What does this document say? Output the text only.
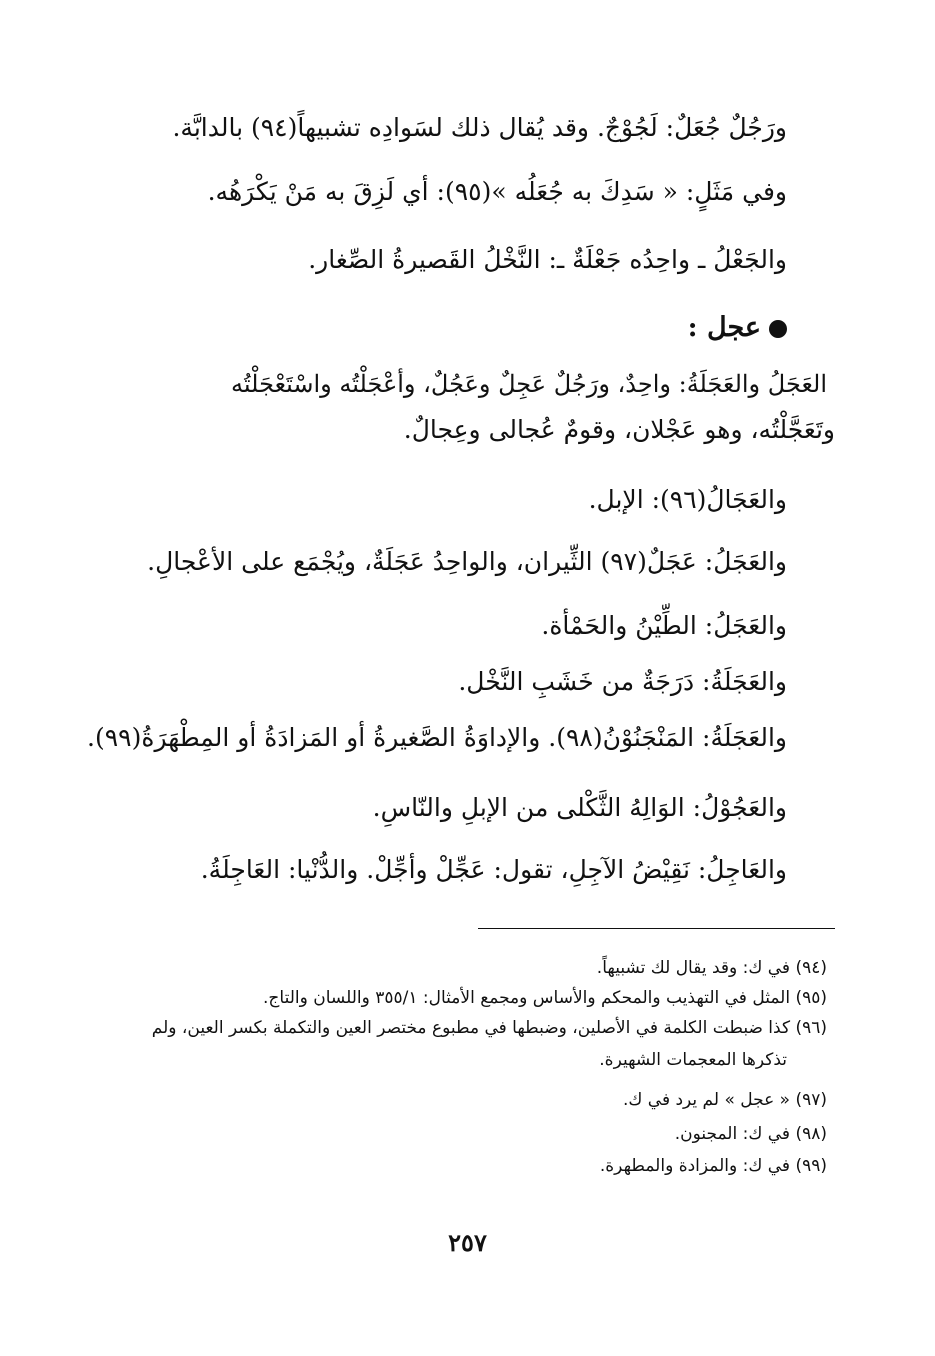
ورَجُلٌ جُعَلٌ: لَجُوْجٌ. وقد يُقال ذلك لسَوادِه تشبيهاً(٩٤) بالدابَّة.
وفي مَثَلٍ: « سَدِكَ به جُعَلُه »(٩٥): أي لَزِقَ به مَنْ يَكْرَهُه.
والجَعْلُ ـ واحِدُه جَعْلَةٌ ـ: النَّخْلُ القَصيرةُ الصِّغار.
عجل :
العَجَلُ والعَجَلَةُ: واحِدٌ، ورَجُلٌ عَجِلٌ وعَجُلٌ، وأعْجَلْتُه واسْتَعْجَلْتُه
وتَعَجَّلْتُه، وهو عَجْلان، وقومٌ عُجالى وعِجالٌ.
والعَجَالُ(٩٦): الإبل.
والعَجَلُ: عَجَلٌ(٩٧) الثِّيران، والواحِدُ عَجَلَةٌ، ويُجْمَع على الأعْجالِ.
والعَجَلُ: الطِّيْنُ والحَمْأة.
والعَجَلَةُ: دَرَجَةٌ من خَشَبِ النَّخْل.
والعَجَلَةُ: المَنْجَنُوْنُ(٩٨). والإداوَةُ الصَّغيرةُ أو المَزادَةُ أو المِطْهَرَةُ(٩٩).
والعَجُوْلُ: الوَالِهُ الثَّكْلى من الإبلِ والنّاسِ.
والعَاجِلُ: نَقِيْضُ الآجِلِ، تقول: عَجِّلْ وأجِّلْ. والدُّنْيا: العَاجِلَةُ.
(٩٤) في ك: وقد يقال لك تشبيهاً.
(٩٥) المثل في التهذيب والمحكم والأساس ومجمع الأمثال: ٣٥٥/١ واللسان والتاج.
(٩٦) كذا ضبطت الكلمة في الأصلين، وضبطها في مطبوع مختصر العين والتكملة بكسر العين، ولم
تذكرها المعجمات الشهيرة.
(٩٧) « عجل » لم يرد في ك.
(٩٨) في ك: المجنون.
(٩٩) في ك: والمزادة والمطهرة.
٢٥٧
